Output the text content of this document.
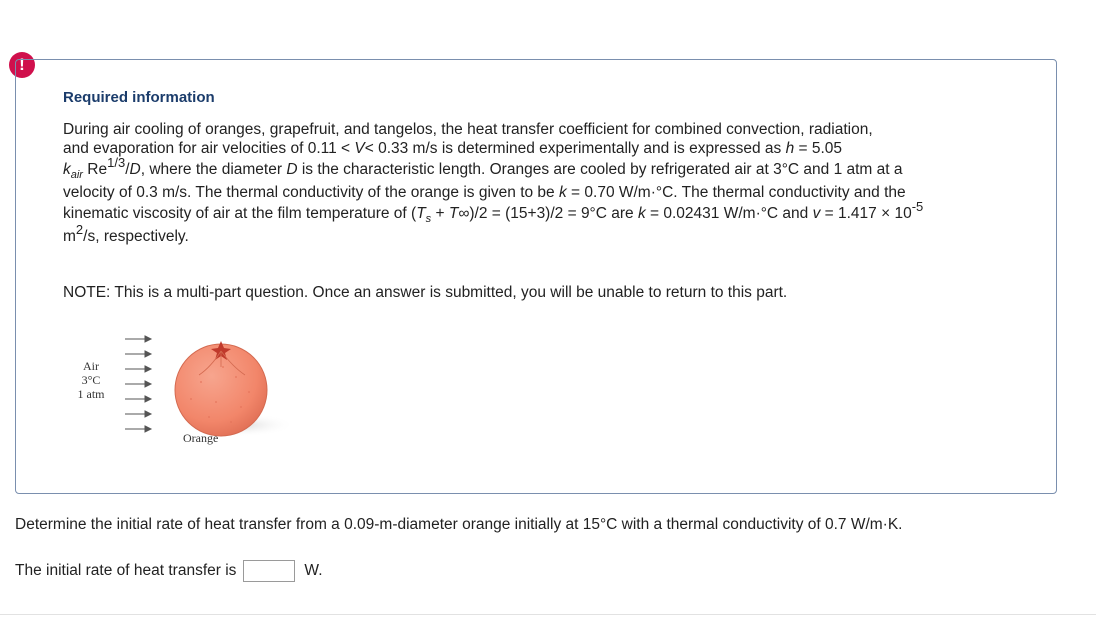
!
Required information
During air cooling of oranges, grapefruit, and tangelos, the heat transfer coefficient for combined convection, radiation,
and evaporation for air velocities of 0.11 < V< 0.33 m/s is determined experimentally and is expressed as h = 5.05
$k_{air}$ $Re^{1/3}/D$, where the diameter D is the characteristic length. Oranges are cooled by refrigerated air at 3°C and 1 atm at a
velocity of 0.3 m/s. The thermal conductivity of the orange is given to be k = 0.70 W/m·°C. The thermal conductivity and the
kinematic viscosity of air at the film temperature of $(T_s + T\infty)/2 = (15+3)/2 = 9^\circ C$ are k = 0.02431 W/m·°C and $v = 1.417 \times 10^{-5}$
$m^2/s$, respectively.
NOTE: This is a multi-part question. Once an answer is submitted, you will be unable to return to this part.
Air
3°C
1 atm
Orange
Determine the initial rate of heat transfer from a 0.09-m-diameter orange initially at 15°C with a thermal conductivity of 0.7 W/m·K.
The initial rate of heat transfer is	W.
